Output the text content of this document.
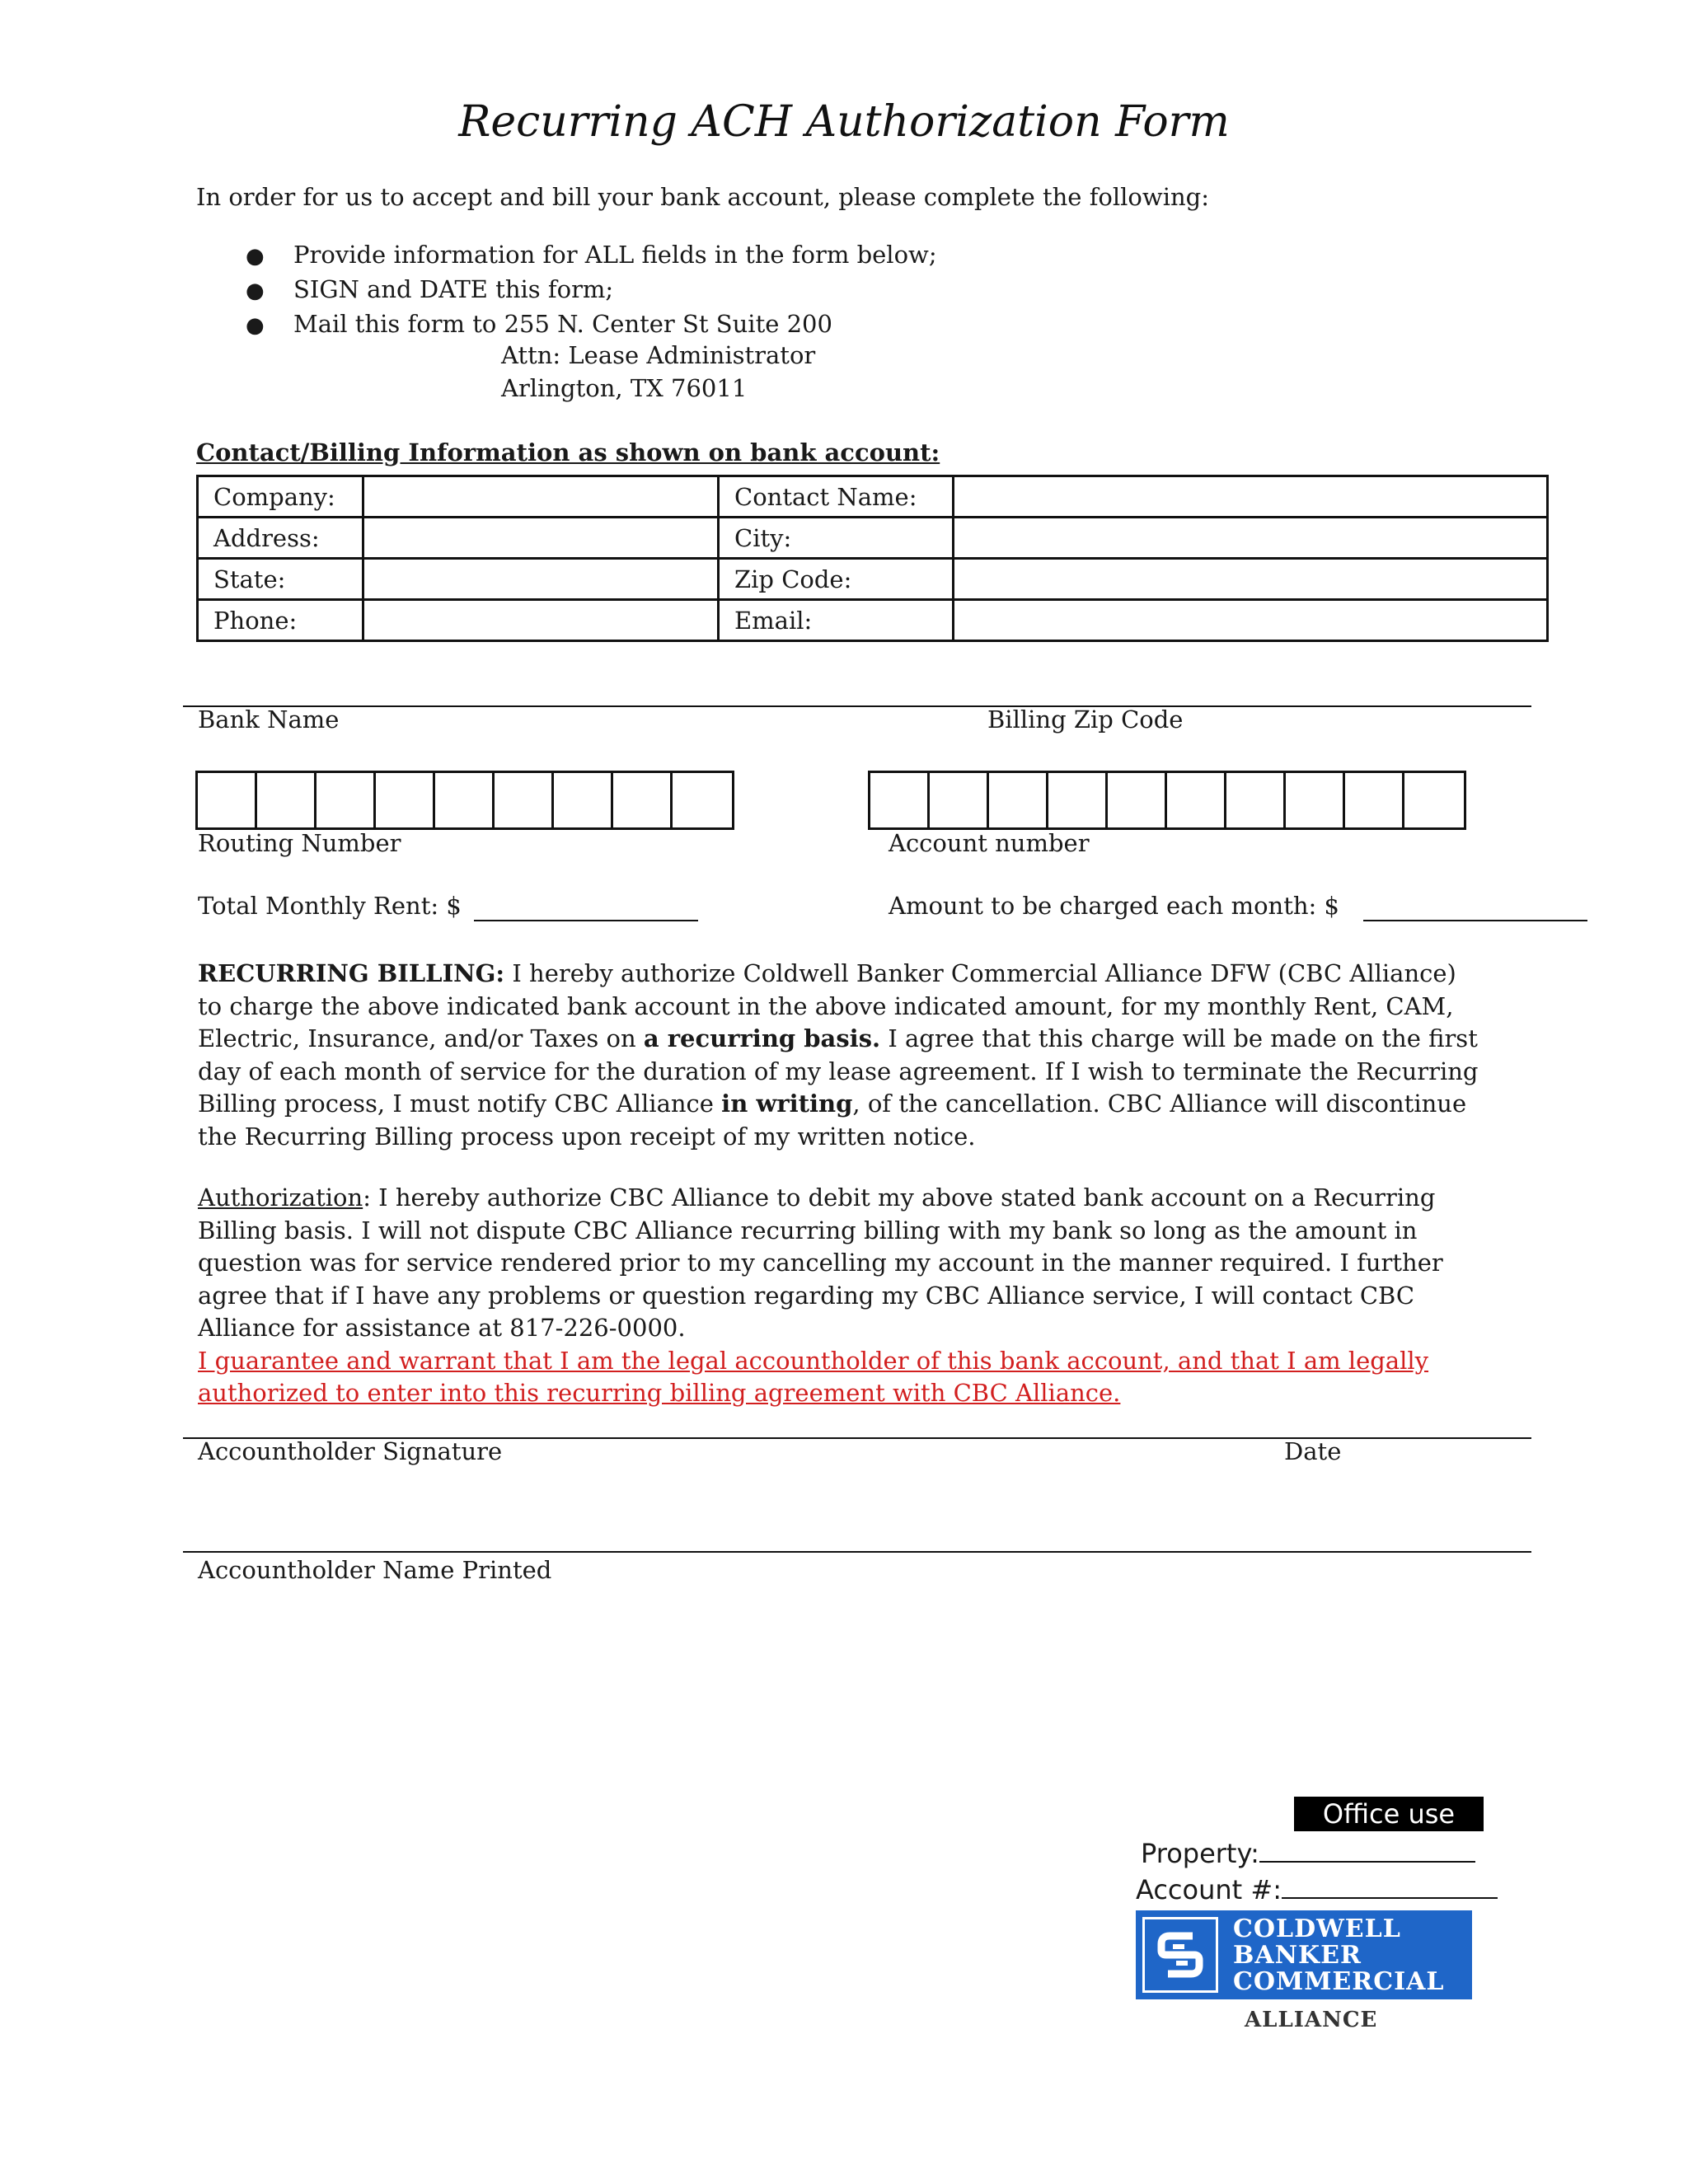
Recurring ACH Authorization Form
In order for us to accept and bill your bank account, please complete the following:
● Provide information for ALL fields in the form below;
● SIGN and DATE this form;
● Mail this form to 255 N. Center St Suite 200
Attn: Lease Administrator
Arlington, TX 76011
Contact/Billing Information as shown on bank account:
Company:		Contact Name:	
Address:		City:	
State:		Zip Code:	
Phone:		Email:	
Bank Name	Billing Zip Code
Routing Number	Account number
Total Monthly Rent: $	Amount to be charged each month: $
RECURRING BILLING: I hereby authorize Coldwell Banker Commercial Alliance DFW (CBC Alliance) to charge the above indicated bank account in the above indicated amount, for my monthly Rent, CAM, Electric, Insurance, and/or Taxes on a recurring basis. I agree that this charge will be made on the first day of each month of service for the duration of my lease agreement. If I wish to terminate the Recurring Billing process, I must notify CBC Alliance in writing, of the cancellation. CBC Alliance will discontinue the Recurring Billing process upon receipt of my written notice.
Authorization: I hereby authorize CBC Alliance to debit my above stated bank account on a Recurring Billing basis. I will not dispute CBC Alliance recurring billing with my bank so long as the amount in question was for service rendered prior to my cancelling my account in the manner required. I further agree that if I have any problems or question regarding my CBC Alliance service, I will contact CBC Alliance for assistance at 817-226-0000.
I guarantee and warrant that I am the legal accountholder of this bank account, and that I am legally authorized to enter into this recurring billing agreement with CBC Alliance.
Accountholder Signature	Date
Accountholder Name Printed
Office use only
Property:
Account #:
COLDWELL
BANKER
COMMERCIAL
ALLIANCE
